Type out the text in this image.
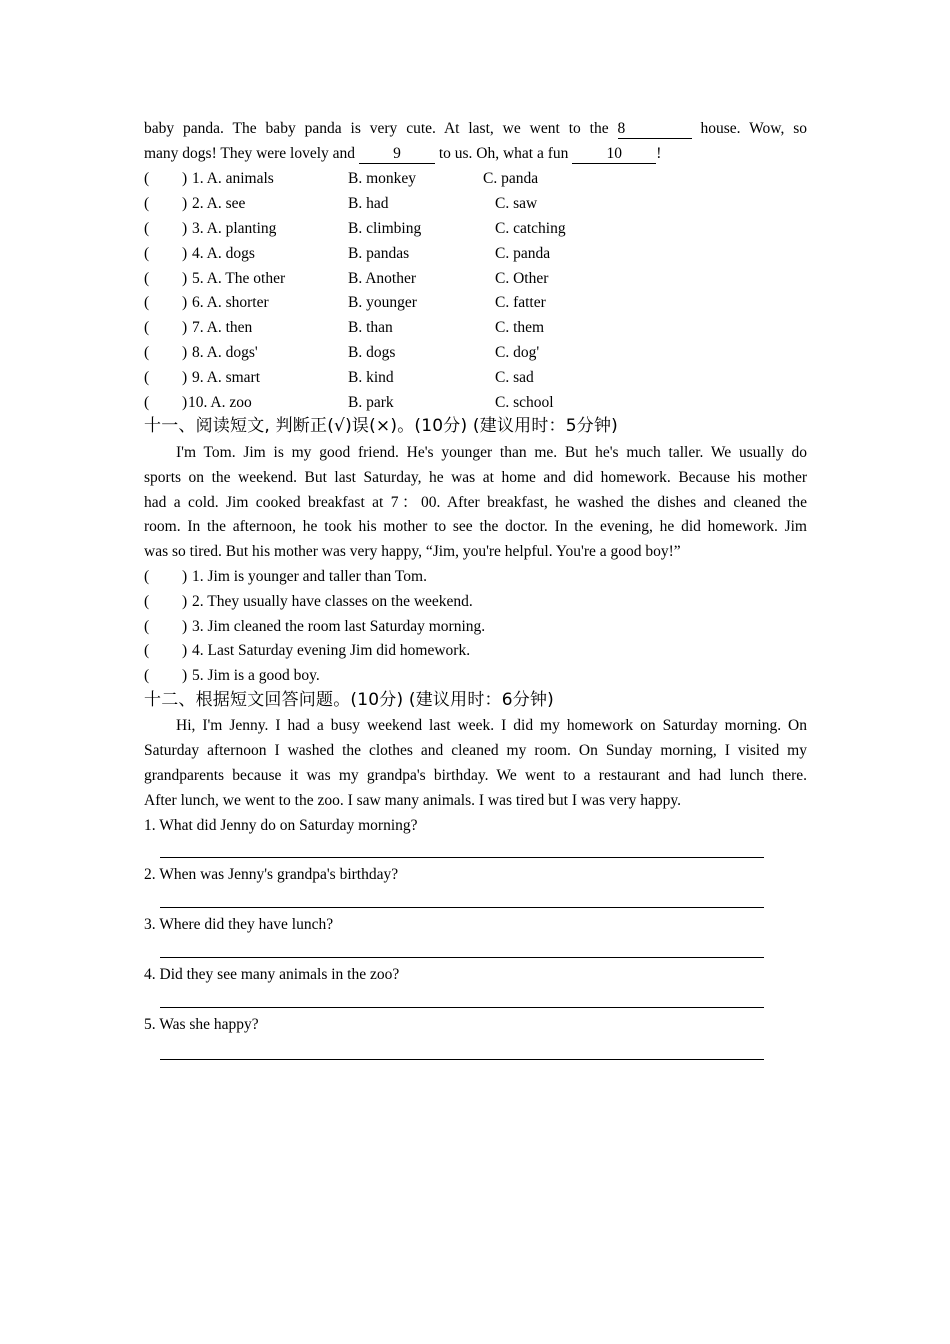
baby panda. The baby panda is very cute. At last, we went to the 8	house. Wow, so
many dogs! They were lovely and 9 to us. Oh, what a fun 10 !
( ) 1. A. animals	B. monkey	C. panda
( ) 2. A. see	B. had	C. saw
( ) 3. A. planting	B. climbing	C. catching
( ) 4. A. dogs	B. pandas	C. panda
( ) 5. A. The other	B. Another	C. Other
( ) 6. A. shorter	B. younger	C. fatter
( ) 7. A. then	B. than	C. them
( ) 8. A. dogs'	B. dogs	C. dog'
( ) 9. A. smart	B. kind	C. sad
( ) 10. A. zoo	B. park	C. school
十一、阅读短文, 判断正(√)误(×)。(10分) (建议用时：5分钟)
I'm Tom. Jim is my good friend. He's younger than me. But he's much taller. We usually do
sports on the weekend. But last Saturday, he was at home and did homework. Because his mother
had a cold. Jim cooked breakfast at 7：00. After breakfast, he washed the dishes and cleaned the
room. In the afternoon, he took his mother to see the doctor. In the evening, he did homework. Jim
was so tired. But his mother was very happy, “Jim, you're helpful. You're a good boy!”
( ) 1. Jim is younger and taller than Tom.
( ) 2. They usually have classes on the weekend.
( ) 3. Jim cleaned the room last Saturday morning.
( ) 4. Last Saturday evening Jim did homework.
( ) 5. Jim is a good boy.
十二、根据短文回答问题。(10分) (建议用时：6分钟)
Hi, I'm Jenny. I had a busy weekend last week. I did my homework on Saturday morning. On
Saturday afternoon I washed the clothes and cleaned my room. On Sunday morning, I visited my
grandparents because it was my grandpa's birthday. We went to a restaurant and had lunch there.
After lunch, we went to the zoo. I saw many animals. I was tired but I was very happy.
1. What did Jenny do on Saturday morning?
2. When was Jenny's grandpa's birthday?
3. Where did they have lunch?
4. Did they see many animals in the zoo?
5. Was she happy?
